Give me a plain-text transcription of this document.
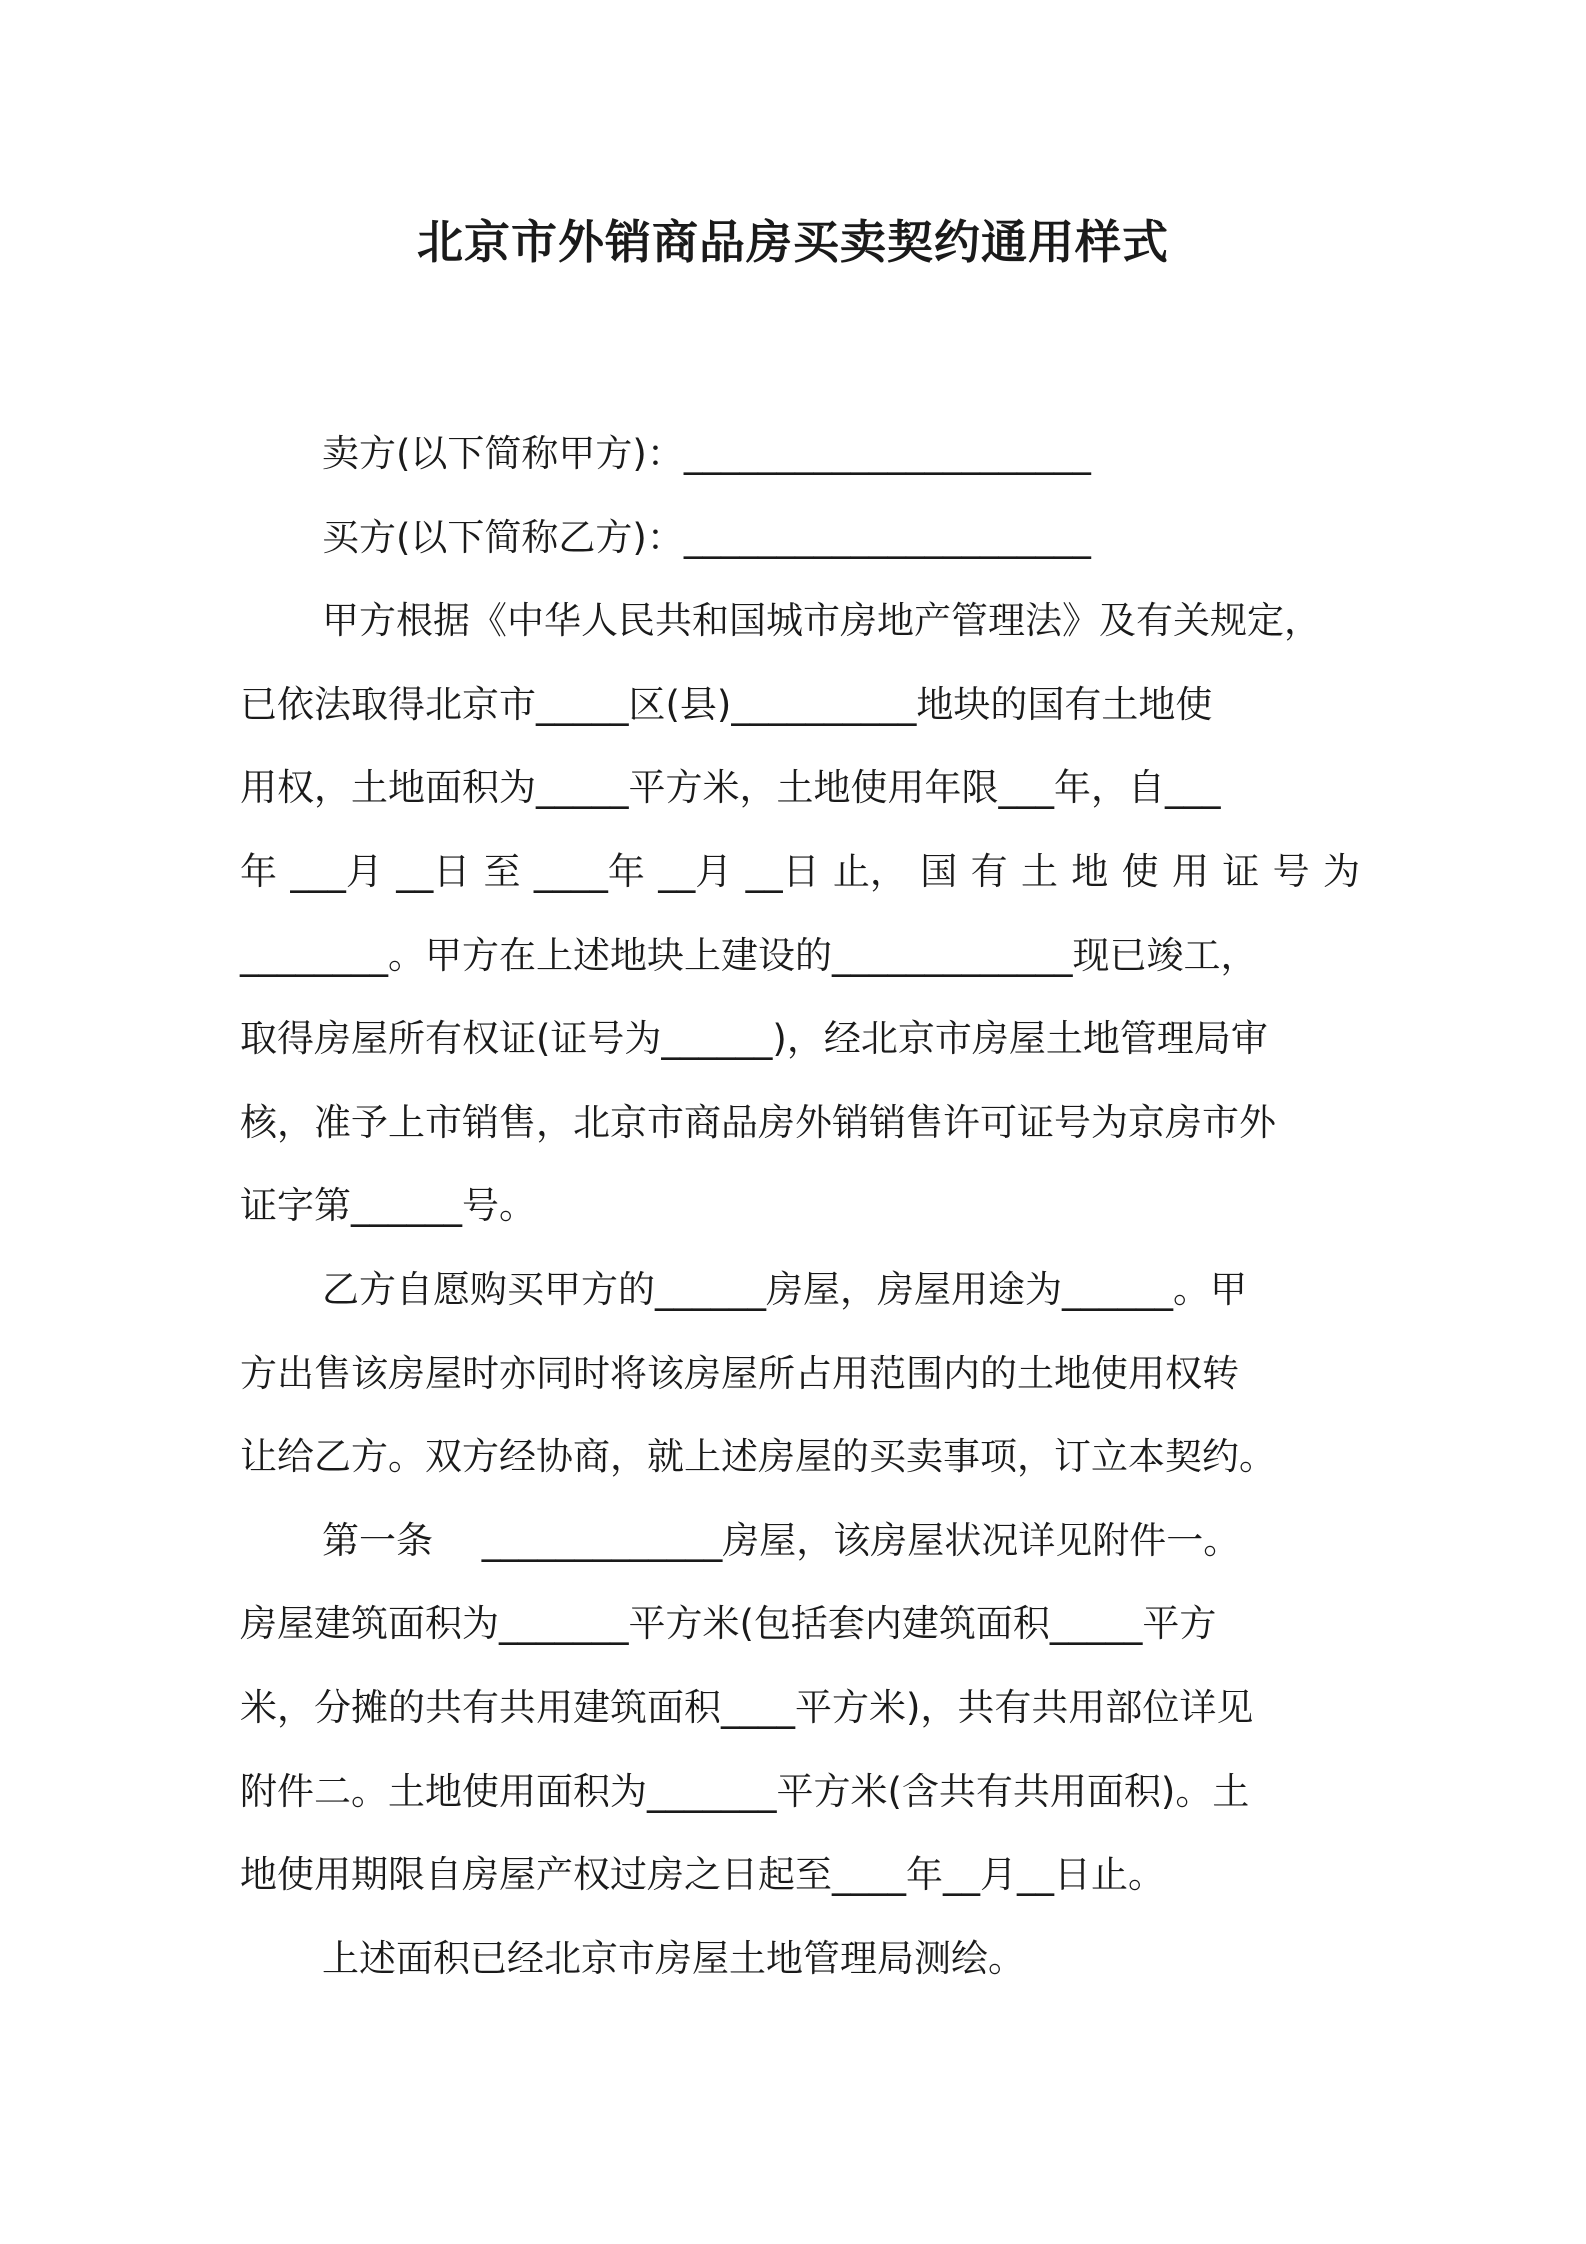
北京市外销商品房买卖契约通用样式
卖方(以下简称甲方)：______________________
买方(以下简称乙方)：______________________
甲方根据《中华人民共和国城市房地产管理法》及有关规定，
已依法取得北京市_____区(县)__________地块的国有土地使
用权，土地面积为_____平方米，土地使用年限___年，自___
年 ___月 __日 至 ____年 __月 __日 止， 国 有 土 地 使 用 证 号 为
________。甲方在上述地块上建设的_____________现已竣工，
取得房屋所有权证(证号为______)，经北京市房屋土地管理局审
核，准予上市销售，北京市商品房外销销售许可证号为京房市外
证字第______号。
乙方自愿购买甲方的______房屋，房屋用途为______。甲
方出售该房屋时亦同时将该房屋所占用范围内的土地使用权转
让给乙方。双方经协商，就上述房屋的买卖事项，订立本契约。
第一条　 _____________房屋，该房屋状况详见附件一。
房屋建筑面积为_______平方米(包括套内建筑面积_____平方
米，分摊的共有共用建筑面积____平方米)，共有共用部位详见
附件二。土地使用面积为_______平方米(含共有共用面积)。土
地使用期限自房屋产权过房之日起至____年__月__日止。
上述面积已经北京市房屋土地管理局测绘。
